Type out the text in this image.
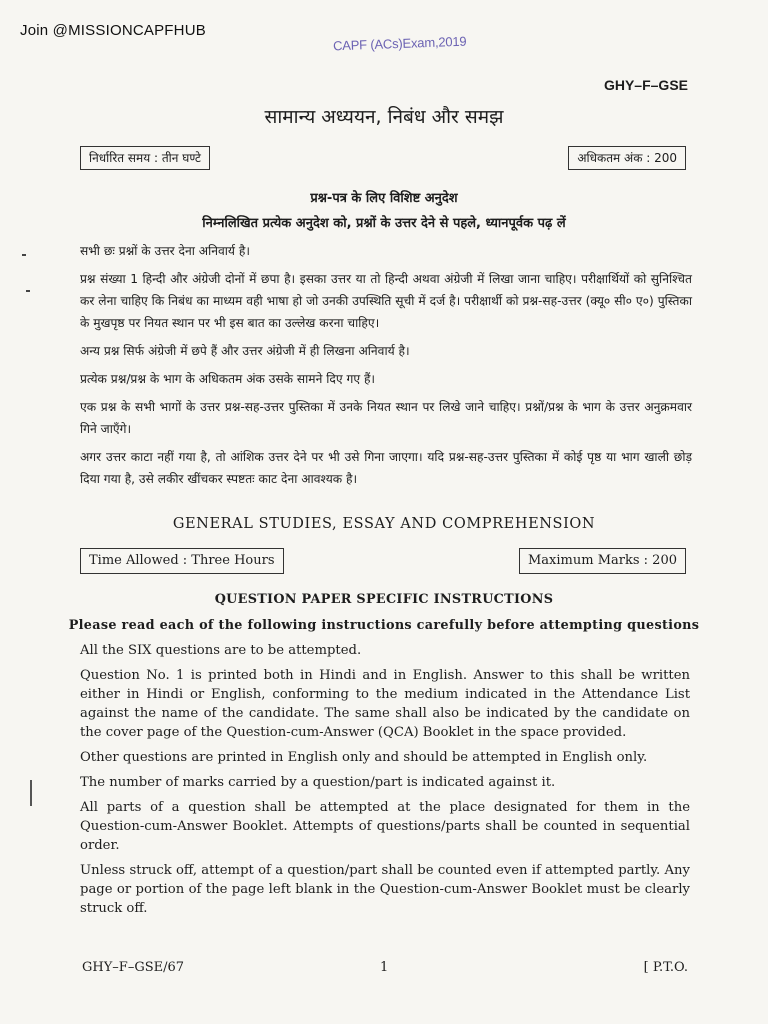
Join @MISSIONCAPFHUB
CAPF (ACs)Exam,2019
GHY–F–GSE
सामान्य अध्ययन, निबंध और समझ
निर्धारित समय : तीन घण्टे	अधिकतम अंक : 200
प्रश्न-पत्र के लिए विशिष्ट अनुदेश
निम्नलिखित प्रत्येक अनुदेश को, प्रश्नों के उत्तर देने से पहले, ध्यानपूर्वक पढ़ लें

सभी छः प्रश्नों के उत्तर देना अनिवार्य है।

प्रश्न संख्या 1 हिन्दी और अंग्रेजी दोनों में छपा है। इसका उत्तर या तो हिन्दी अथवा अंग्रेजी में लिखा जाना चाहिए। परीक्षार्थियों को सुनिश्चित कर लेना चाहिए कि निबंध का माध्यम वही भाषा हो जो उनकी उपस्थिति सूची में दर्ज है। परीक्षार्थी को प्रश्न-सह-उत्तर (क्यू० सी० ए०) पुस्तिका के मुखपृष्ठ पर नियत स्थान पर भी इस बात का उल्लेख करना चाहिए।

अन्य प्रश्न सिर्फ अंग्रेजी में छपे हैं और उत्तर अंग्रेजी में ही लिखना अनिवार्य है।

प्रत्येक प्रश्न/प्रश्न के भाग के अधिकतम अंक उसके सामने दिए गए हैं।

एक प्रश्न के सभी भागों के उत्तर प्रश्न-सह-उत्तर पुस्तिका में उनके नियत स्थान पर लिखे जाने चाहिए। प्रश्नों/प्रश्न के भाग के उत्तर अनुक्रमवार गिने जाएँगे।

अगर उत्तर काटा नहीं गया है, तो आंशिक उत्तर देने पर भी उसे गिना जाएगा। यदि प्रश्न-सह-उत्तर पुस्तिका में कोई पृष्ठ या भाग खाली छोड़ दिया गया है, उसे लकीर खींचकर स्पष्टतः काट देना आवश्यक है।

GENERAL STUDIES, ESSAY AND COMPREHENSION
Time Allowed : Three Hours	Maximum Marks : 200
QUESTION PAPER SPECIFIC INSTRUCTIONS
Please read each of the following instructions carefully before attempting questions

All the SIX questions are to be attempted.

Question No. 1 is printed both in Hindi and in English. Answer to this shall be written either in Hindi or English, conforming to the medium indicated in the Attendance List against the name of the candidate. The same shall also be indicated by the candidate on the cover page of the Question-cum-Answer (QCA) Booklet in the space provided.

Other questions are printed in English only and should be attempted in English only.

The number of marks carried by a question/part is indicated against it.

All parts of a question shall be attempted at the place designated for them in the Question-cum-Answer Booklet. Attempts of questions/parts shall be counted in sequential order.

Unless struck off, attempt of a question/part shall be counted even if attempted partly. Any page or portion of the page left blank in the Question-cum-Answer Booklet must be clearly struck off.

GHY–F–GSE/67	1	[ P.T.O.
